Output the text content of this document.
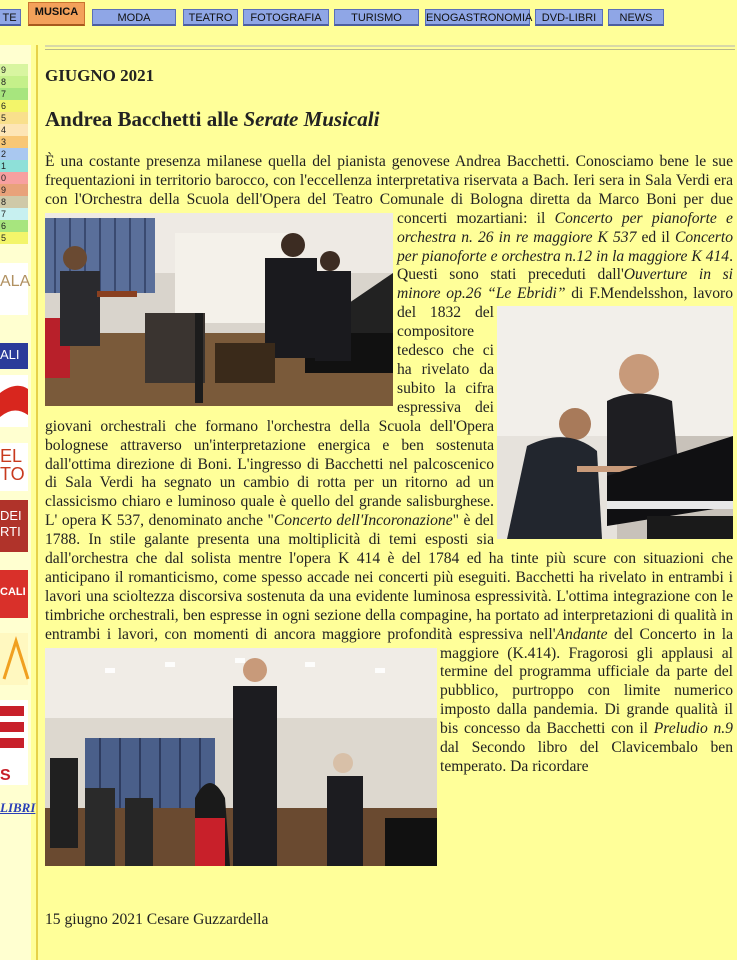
TE	MUSICA	MODA	TEATRO	FOTOGRAFIA	TURISMO	ENOGASTRONOMIA DVD-LIBRI	NEWS
9
8
7
6
5
4
3
2
1
0
9
8
7
6
5
ALA
ALI
EL TO
DEI RTI
CALI
S
LIBRI
GIUGNO 2021
Andrea Bacchetti alle Serate Musicali

È una costante presenza milanese quella del pianista genovese Andrea Bacchetti. Conosciamo bene le sue frequentazioni in territorio barocco, con l'eccellenza interpretativa riservata a Bach. Ieri sera in Sala Verdi era con l'Orchestra della Scuola dell'Opera del Teatro Comunale di Bologna diretta da Marco Boni per due concerti mozartiani: il
Concerto per pianoforte e orchestra n. 26 in re maggiore K 537 ed il Concerto per pianoforte e orchestra n.12 in la maggiore K 414. Questi sono stati preceduti dall'Ouverture in si minore op.26 “Le Ebridi”
di F.Mendelsshon, lavoro del 1832 del compositore tedesco che ci ha rivelato da subito la cifra espressiva dei giovani orchestrali che formano l'orchestra della Scuola dell'Opera bolognese attraverso un'interpretazione energica e ben sostenuta dall'ottima direzione di Boni. L'ingresso di Bacchetti nel palcoscenico di Sala Verdi ha segnato un cambio di rotta per un ritorno ad un classicismo chiaro e luminoso quale è quello del grande salisburghese. L' opera K 537, denominato anche "Concerto dell'Incoronazione" è del 1788. In stile galante presenta una moltiplicità di temi esposti sia dall'orchestra che dal solista mentre l'opera K 414 è del 1784 ed ha tinte più scure con situazioni che anticipano il romanticismo, come spesso accade nei concerti più eseguiti. Bacchetti ha rivelato in entrambi i lavori una scioltezza discorsiva sostenuta da una evidente luminosa espressività. L'ottima integrazione con le timbriche orchestrali, ben espresse in ogni sezione della compagine, ha portato ad interpretazioni di qualità in entrambi i lavori, con momenti di ancora maggiore profondità espressiva nell'
Andante del Concerto in la maggiore (K.414). Fragorosi gli applausi al termine del programma ufficiale da parte del pubblico, purtroppo con limite numerico imposto dalla pandemia. Di grande qualità il bis concesso da Bacchetti con il Preludio n.9 dal Secondo libro del Clavicembalo ben temperato. Da ricordare

15 giugno 2021 Cesare Guzzardella
